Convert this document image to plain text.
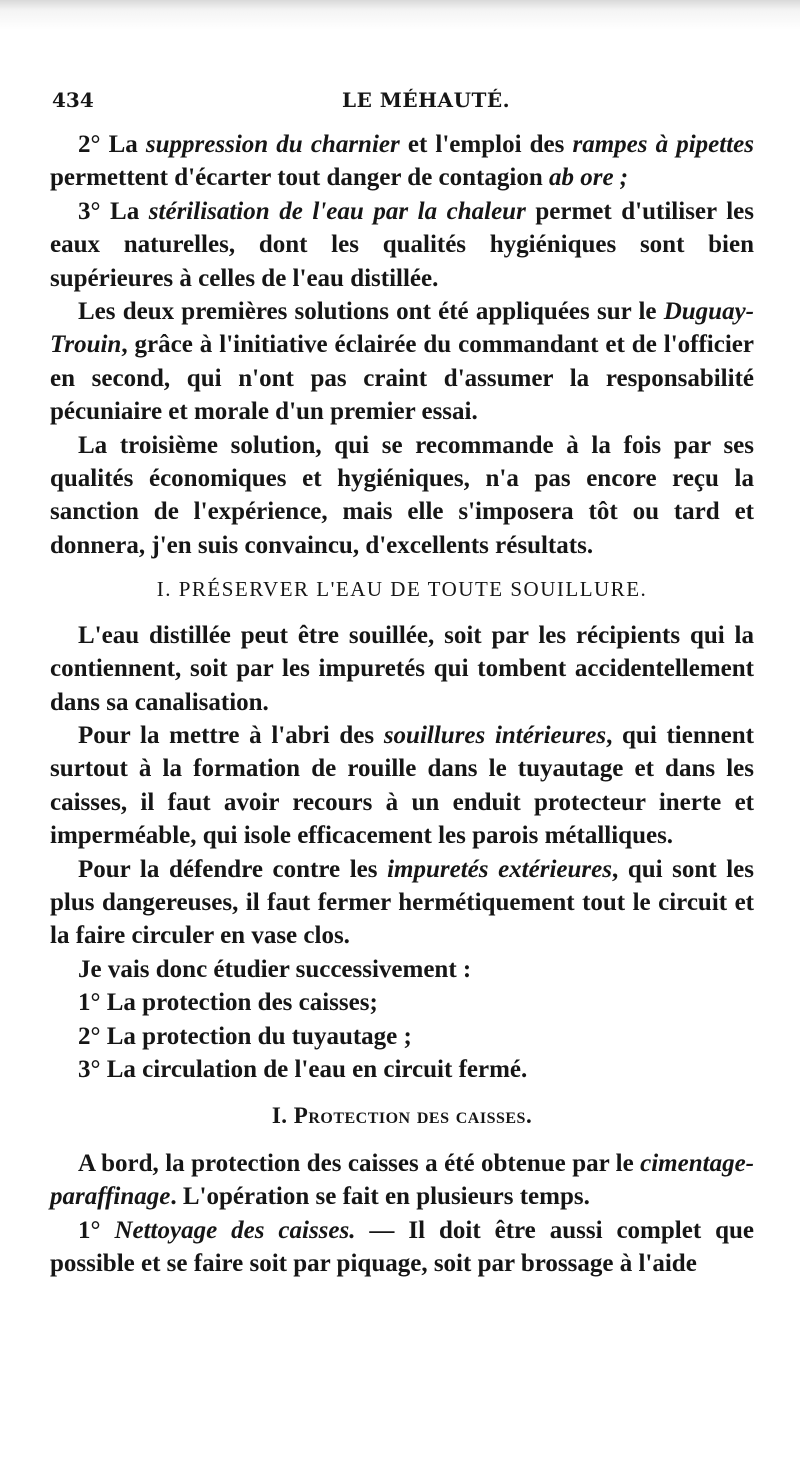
434	LE MÉHAUTÉ.

2° La suppression du charnier et l'emploi des rampes à pipettes permettent d'écarter tout danger de contagion ab ore ;

3° La stérilisation de l'eau par la chaleur permet d'utiliser les eaux naturelles, dont les qualités hygiéniques sont bien supérieures à celles de l'eau distillée.

Les deux premières solutions ont été appliquées sur le Duguay-Trouin, grâce à l'initiative éclairée du commandant et de l'officier en second, qui n'ont pas craint d'assumer la responsabilité pécuniaire et morale d'un premier essai.

La troisième solution, qui se recommande à la fois par ses qualités économiques et hygiéniques, n'a pas encore reçu la sanction de l'expérience, mais elle s'imposera tôt ou tard et donnera, j'en suis convaincu, d'excellents résultats.

I. PRÉSERVER L'EAU DE TOUTE SOUILLURE.

L'eau distillée peut être souillée, soit par les récipients qui la contiennent, soit par les impuretés qui tombent accidentellement dans sa canalisation.

Pour la mettre à l'abri des souillures intérieures, qui tiennent surtout à la formation de rouille dans le tuyautage et dans les caisses, il faut avoir recours à un enduit protecteur inerte et imperméable, qui isole efficacement les parois métalliques.

Pour la défendre contre les impuretés extérieures, qui sont les plus dangereuses, il faut fermer hermétiquement tout le circuit et la faire circuler en vase clos.

Je vais donc étudier successivement :

1° La protection des caisses;

2° La protection du tuyautage ;

3° La circulation de l'eau en circuit fermé.

I. Protection des caisses.

A bord, la protection des caisses a été obtenue par le cimentage-paraffinage. L'opération se fait en plusieurs temps.

1° Nettoyage des caisses. — Il doit être aussi complet que possible et se faire soit par piquage, soit par brossage à l'aide
